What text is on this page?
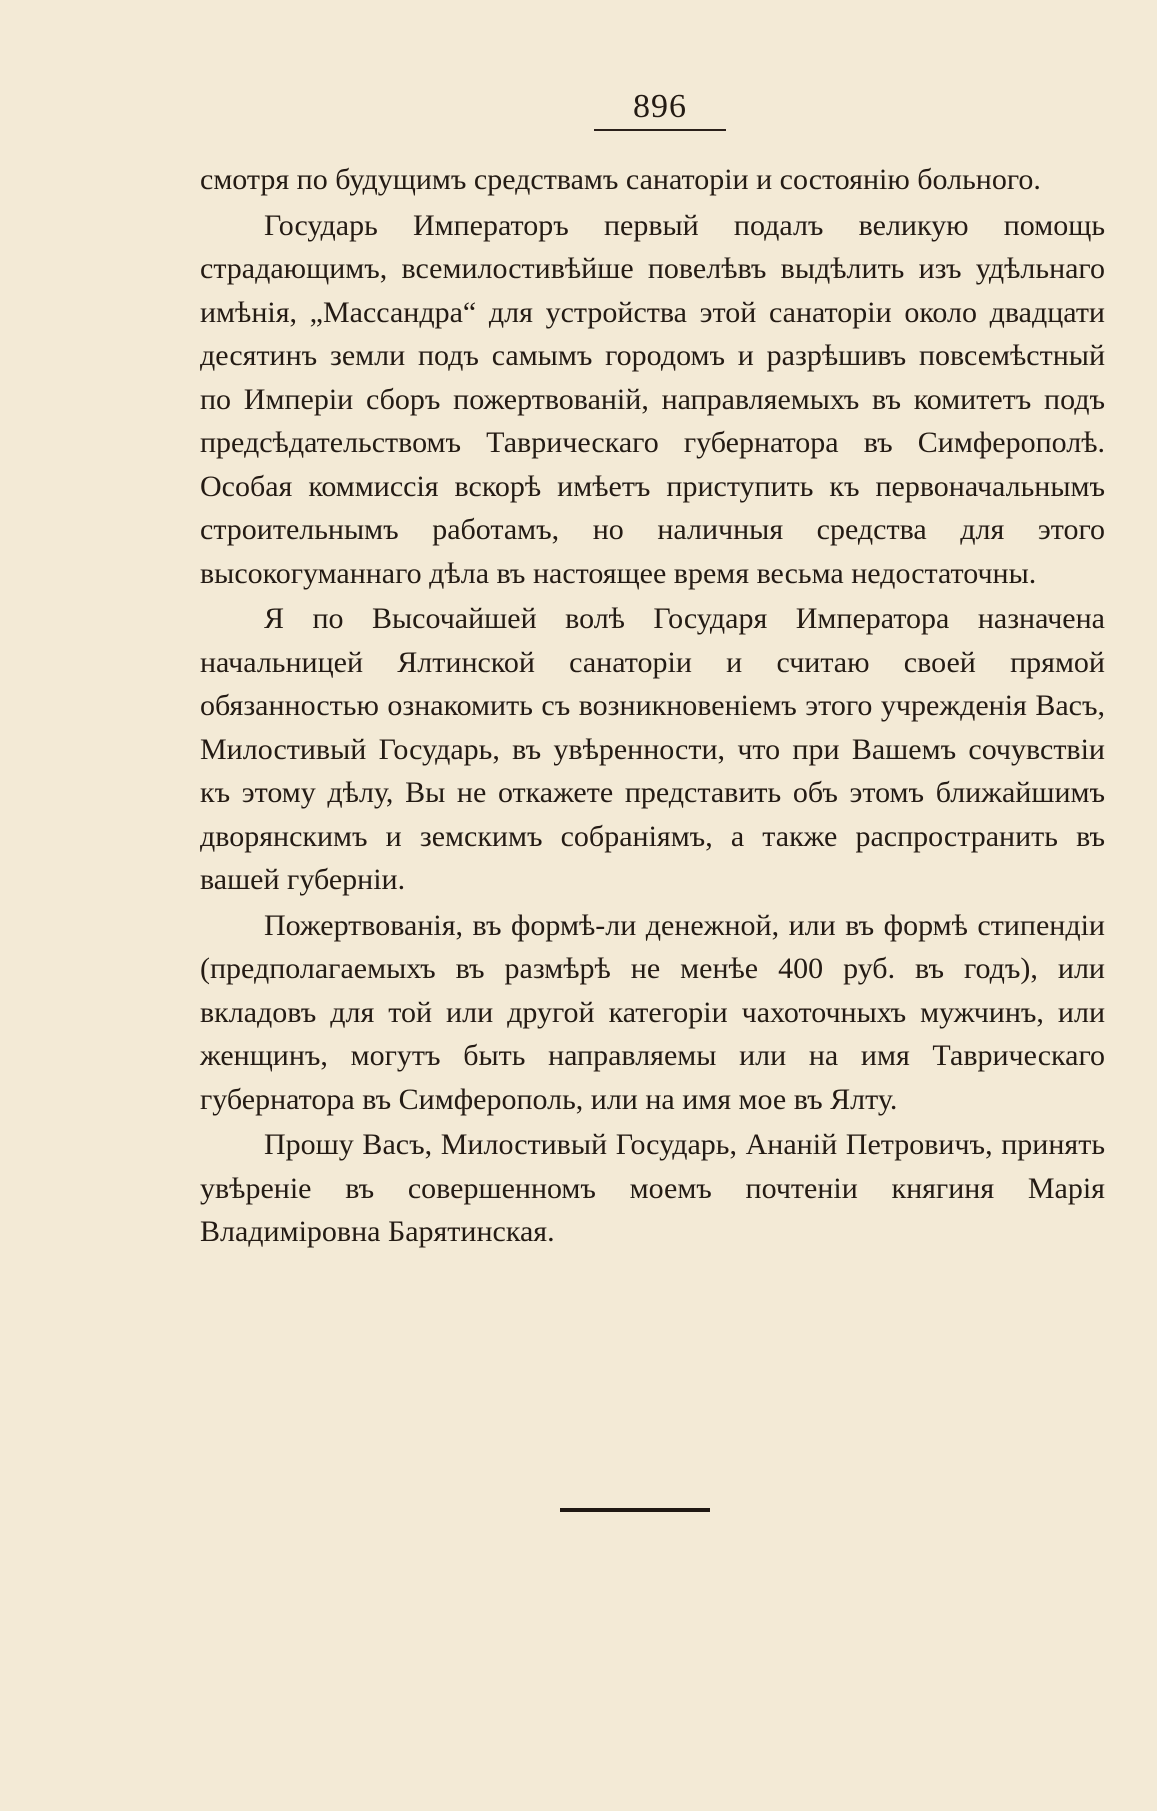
896

смотря по будущимъ средствамъ санаторіи и состоянію больного.

Государь Императоръ первый подалъ великую помощь страдающимъ, всемилостивѣйше повелѣвъ выдѣлить изъ удѣльнаго имѣнія, „Массандра“ для устройства этой санаторіи около двадцати десятинъ земли подъ самымъ городомъ и разрѣшивъ повсемѣстный по Имперіи сборъ пожертвованій, направляемыхъ въ комитетъ подъ предсѣдательствомъ Таврическаго губернатора въ Симферополѣ. Особая коммиссія вскорѣ имѣетъ приступить къ первоначальнымъ строительнымъ работамъ, но наличныя средства для этого высокогуманнаго дѣла въ настоящее время весьма недостаточны.

Я по Высочайшей волѣ Государя Императора назначена начальницей Ялтинской санаторіи и считаю своей прямой обязанностью ознакомить съ возникновеніемъ этого учрежденія Васъ, Милостивый Государь, въ увѣренности, что при Вашемъ сочувствіи къ этому дѣлу, Вы не откажете представить объ этомъ ближайшимъ дворянскимъ и земскимъ собраніямъ, а также распространить въ вашей губерніи.

Пожертвованія, въ формѣ-ли денежной, или въ формѣ стипендіи (предполагаемыхъ въ размѣрѣ не менѣе 400 руб. въ годъ), или вкладовъ для той или другой категоріи чахоточныхъ мужчинъ, или женщинъ, могутъ быть направляемы или на имя Таврическаго губернатора въ Симферополь, или на имя мое въ Ялту.

Прошу Васъ, Милостивый Государь, Ананій Петровичъ, принять увѣреніе въ совершенномъ моемъ почтеніи княгиня Марія Владиміровна Барятинская.
